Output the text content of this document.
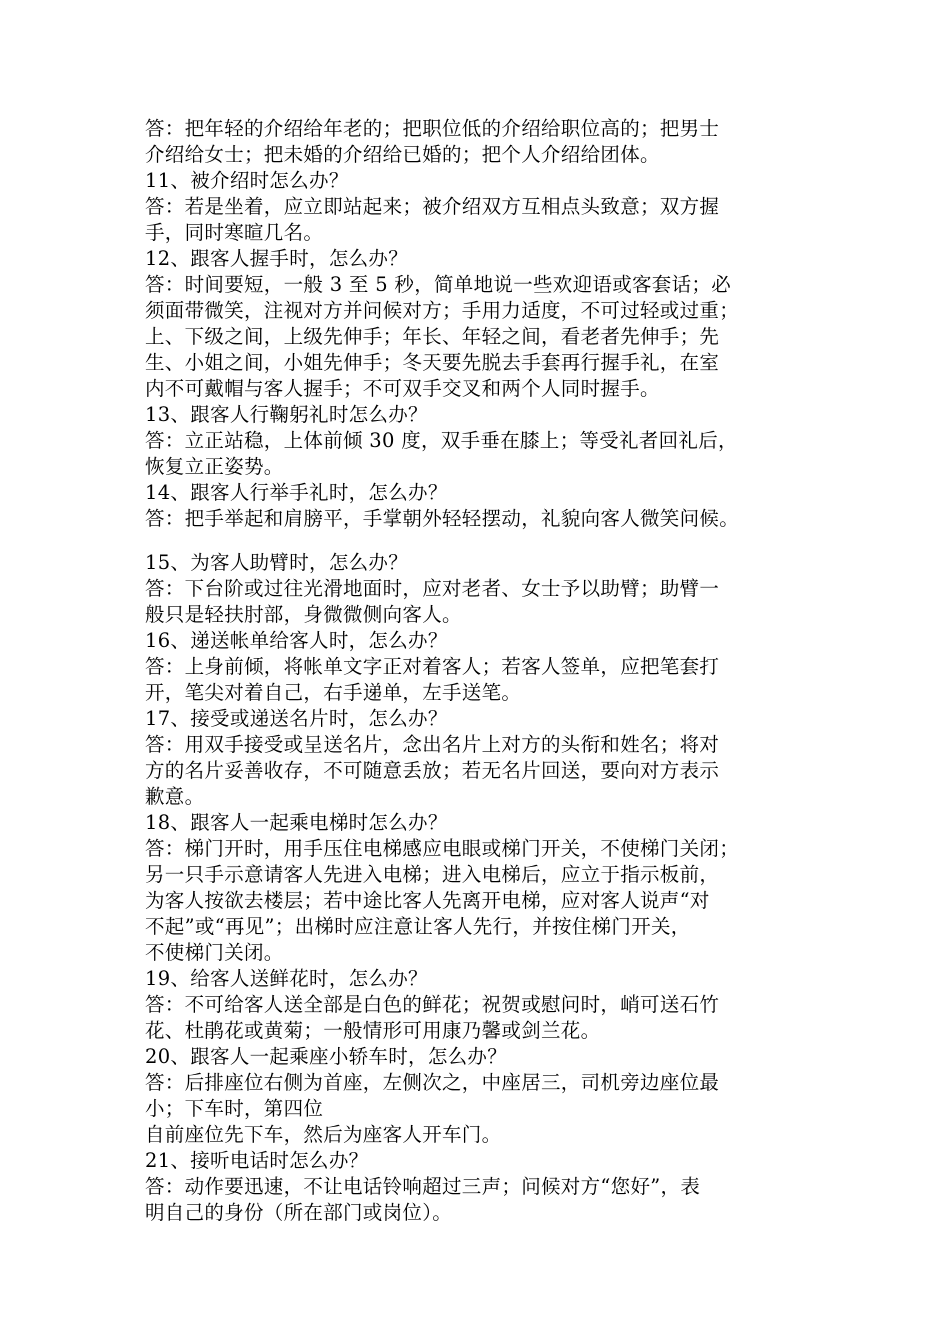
答：把年轻的介绍给年老的；把职位低的介绍给职位高的；把男士

介绍给女士；把未婚的介绍给已婚的；把个人介绍给团体。

11、被介绍时怎么办？

答：若是坐着，应立即站起来；被介绍双方互相点头致意；双方握

手，同时寒暄几名。

12、跟客人握手时，怎么办？

答：时间要短，一般 3 至 5 秒，简单地说一些欢迎语或客套话；必

须面带微笑，注视对方并问候对方；手用力适度，不可过轻或过重；

上、下级之间，上级先伸手；年长、年轻之间，看老者先伸手；先

生、小姐之间，小姐先伸手；冬天要先脱去手套再行握手礼，在室

内不可戴帽与客人握手；不可双手交叉和两个人同时握手。

13、跟客人行鞠躬礼时怎么办？

答：立正站稳，上体前倾 30 度，双手垂在膝上；等受礼者回礼后，

恢复立正姿势。

14、跟客人行举手礼时，怎么办？

答：把手举起和肩膀平，手掌朝外轻轻摆动，礼貌向客人微笑问候。

15、为客人助臂时，怎么办？

答：下台阶或过往光滑地面时，应对老者、女士予以助臂；助臂一

般只是轻扶肘部，身微微侧向客人。

16、递送帐单给客人时，怎么办？

答：上身前倾，将帐单文字正对着客人；若客人签单，应把笔套打

开，笔尖对着自己，右手递单，左手送笔。

17、接受或递送名片时，怎么办？

答：用双手接受或呈送名片，念出名片上对方的头衔和姓名；将对

方的名片妥善收存，不可随意丢放；若无名片回送，要向对方表示

歉意。

18、跟客人一起乘电梯时怎么办？

答：梯门开时，用手压住电梯感应电眼或梯门开关，不使梯门关闭；

另一只手示意请客人先进入电梯；进入电梯后，应立于指示板前，

为客人按欲去楼层；若中途比客人先离开电梯，应对客人说声“对

不起”或“再见”；出梯时应注意让客人先行，并按住梯门开关，

不使梯门关闭。

19、给客人送鲜花时，怎么办？

答：不可给客人送全部是白色的鲜花；祝贺或慰问时，峭可送石竹

花、杜鹃花或黄菊；一般情形可用康乃馨或剑兰花。

20、跟客人一起乘座小轿车时，怎么办？

答：后排座位右侧为首座，左侧次之，中座居三，司机旁边座位最

小；下车时，第四位

自前座位先下车，然后为座客人开车门。

21、接听电话时怎么办？

答：动作要迅速，不让电话铃响超过三声；问候对方“您好”，表

明自己的身份（所在部门或岗位）。
